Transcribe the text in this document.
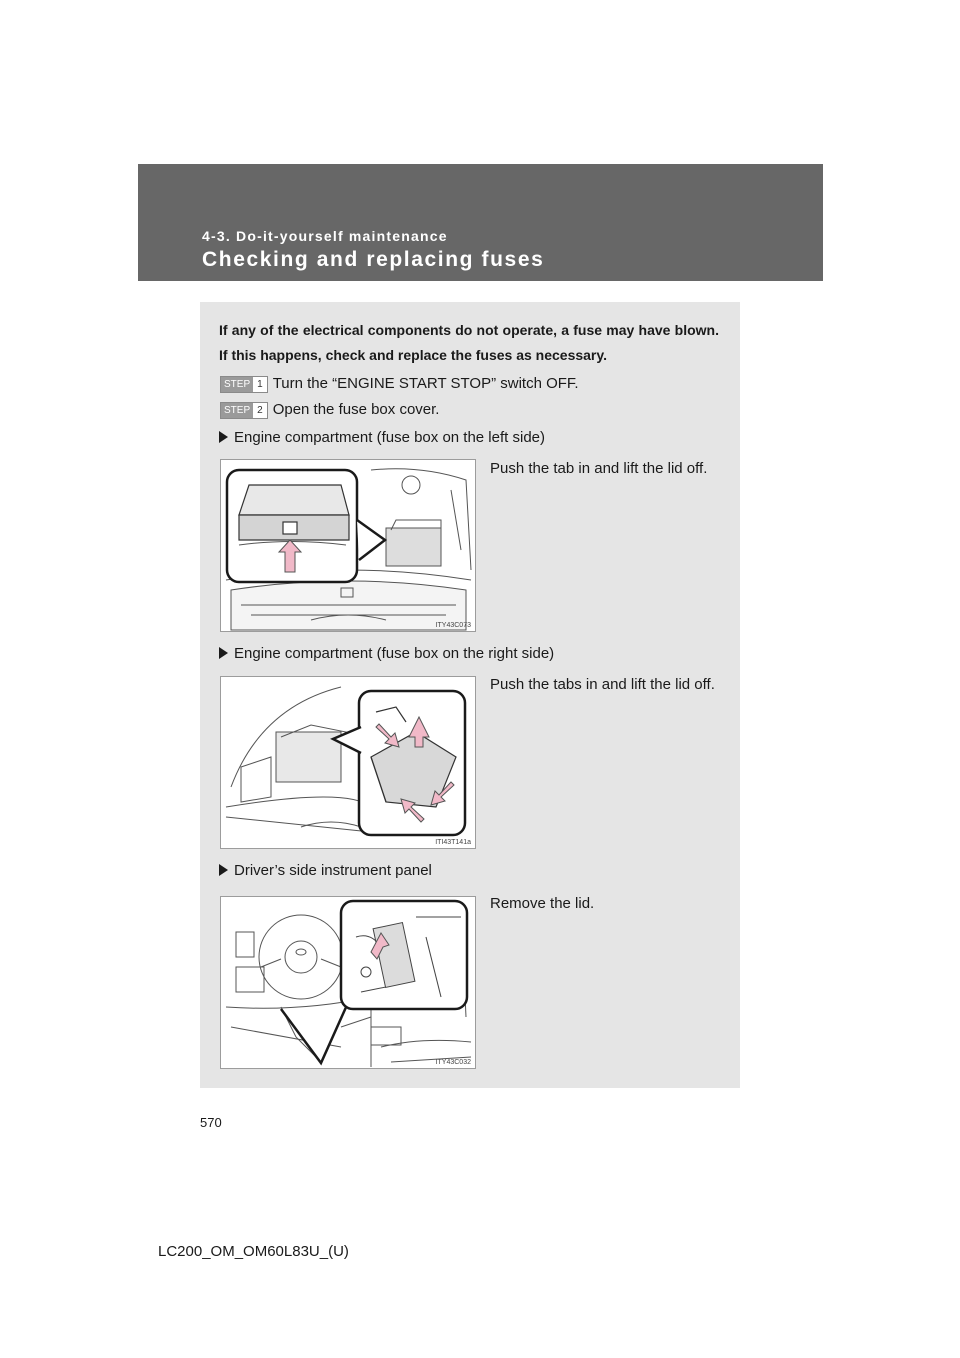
4-3. Do-it-yourself maintenance
Checking and replacing fuses
If any of the electrical components do not operate, a fuse may have blown. If this happens, check and replace the fuses as necessary.
STEP 1 Turn the “ENGINE START STOP” switch OFF.
STEP 2 Open the fuse box cover.
Engine compartment (fuse box on the left side)
Push the tab in and lift the lid off.
ITY43C073
Engine compartment (fuse box on the right side)
Push the tabs in and lift the lid off.
ITI43T141a
Driver’s side instrument panel
Remove the lid.
ITY43C032
570
LC200_OM_OM60L83U_(U)
